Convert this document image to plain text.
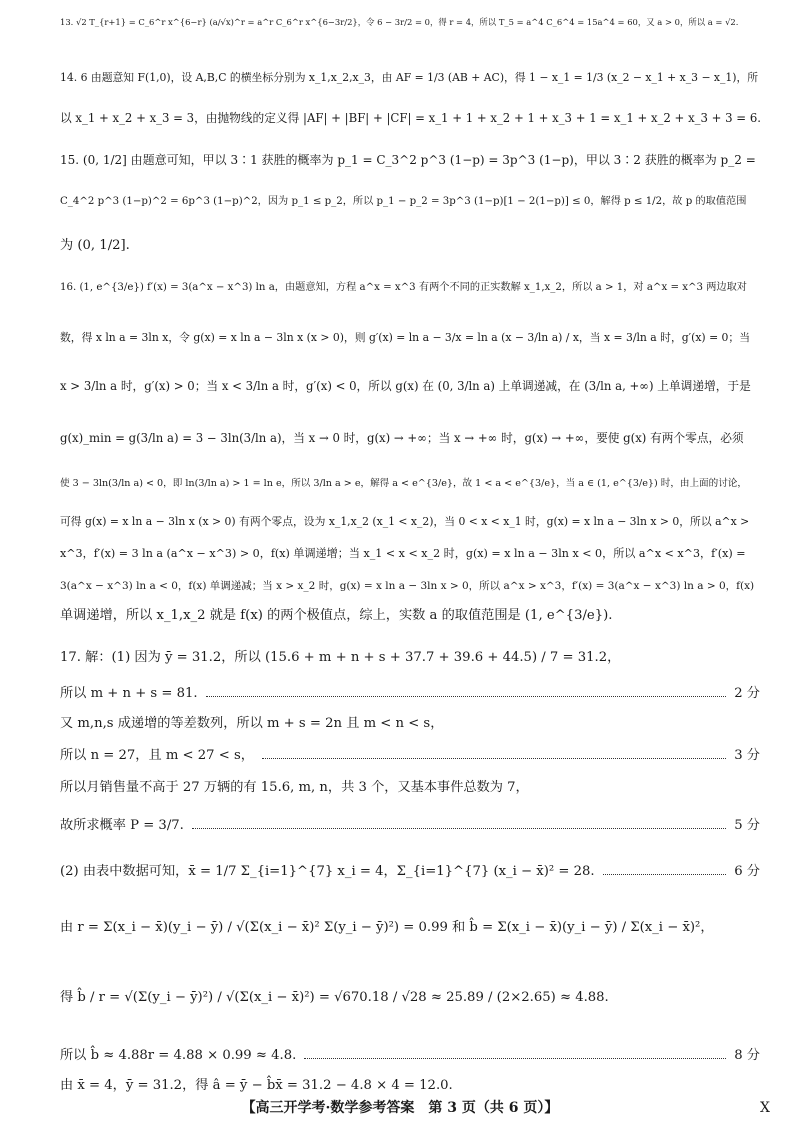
13. √2 T_{r+1} = C_6^r x^{6−r} (a/√x)^r = a^r C_6^r x^{6−3r/2}，令 6 − 3r/2 = 0，得 r = 4，所以 T_5 = a^4 C_6^4 = 15a^4 = 60，又 a > 0，所以 a = √2.
14. 6 由题意知 F(1,0)，设 A,B,C 的横坐标分别为 x_1,x_2,x_3，由 AF = 1/3 (AB + AC)，得 1 − x_1 = 1/3 (x_2 − x_1 + x_3 − x_1)，所
以 x_1 + x_2 + x_3 = 3，由抛物线的定义得 |AF| + |BF| + |CF| = x_1 + 1 + x_2 + 1 + x_3 + 1 = x_1 + x_2 + x_3 + 3 = 6.
15. (0, 1/2] 由题意可知，甲以 3∶1 获胜的概率为 p_1 = C_3^2 p^3 (1−p) = 3p^3 (1−p)，甲以 3∶2 获胜的概率为 p_2 =
C_4^2 p^3 (1−p)^2 = 6p^3 (1−p)^2，因为 p_1 ≤ p_2，所以 p_1 − p_2 = 3p^3 (1−p)[1 − 2(1−p)] ≤ 0，解得 p ≤ 1/2，故 p 的取值范围
为 (0, 1/2].
16. (1, e^{3/e}) f′(x) = 3(a^x − x^3) ln a，由题意知，方程 a^x = x^3 有两个不同的正实数解 x_1,x_2，所以 a > 1，对 a^x = x^3 两边取对
数，得 x ln a = 3ln x，令 g(x) = x ln a − 3ln x (x > 0)，则 g′(x) = ln a − 3/x = ln a (x − 3/ln a) / x，当 x = 3/ln a 时，g′(x) = 0；当
x > 3/ln a 时，g′(x) > 0；当 x < 3/ln a 时，g′(x) < 0，所以 g(x) 在 (0, 3/ln a) 上单调递减，在 (3/ln a, +∞) 上单调递增，于是
g(x)_min = g(3/ln a) = 3 − 3ln(3/ln a)，当 x → 0 时，g(x) → +∞；当 x → +∞ 时，g(x) → +∞，要使 g(x) 有两个零点，必须
使 3 − 3ln(3/ln a) < 0，即 ln(3/ln a) > 1 = ln e，所以 3/ln a > e，解得 a < e^{3/e}，故 1 < a < e^{3/e}，当 a ∈ (1, e^{3/e}) 时，由上面的讨论，
可得 g(x) = x ln a − 3ln x (x > 0) 有两个零点，设为 x_1,x_2 (x_1 < x_2)，当 0 < x < x_1 时，g(x) = x ln a − 3ln x > 0，所以 a^x >
x^3，f′(x) = 3 ln a (a^x − x^3) > 0，f(x) 单调递增；当 x_1 < x < x_2 时，g(x) = x ln a − 3ln x < 0，所以 a^x < x^3，f′(x) =
3(a^x − x^3) ln a < 0，f(x) 单调递减；当 x > x_2 时，g(x) = x ln a − 3ln x > 0，所以 a^x > x^3，f′(x) = 3(a^x − x^3) ln a > 0，f(x)
单调递增，所以 x_1,x_2 就是 f(x) 的两个极值点，综上，实数 a 的取值范围是 (1, e^{3/e}).
17. 解：(1) 因为 ȳ = 31.2，所以 (15.6 + m + n + s + 37.7 + 39.6 + 44.5) / 7 = 31.2，
所以 m + n + s = 81.	2 分
又 m,n,s 成递增的等差数列，所以 m + s = 2n 且 m < n < s，
所以 n = 27，且 m < 27 < s，	3 分
所以月销售量不高于 27 万辆的有 15.6, m, n，共 3 个，又基本事件总数为 7，
故所求概率 P = 3/7.	5 分
(2) 由表中数据可知，x̄ = 1/7 Σ_{i=1}^{7} x_i = 4，Σ_{i=1}^{7} (x_i − x̄)² = 28.	6 分
由 r = Σ(x_i − x̄)(y_i − ȳ) / √(Σ(x_i − x̄)² Σ(y_i − ȳ)²) = 0.99 和 b̂ = Σ(x_i − x̄)(y_i − ȳ) / Σ(x_i − x̄)²，
得 b̂ / r = √(Σ(y_i − ȳ)²) / √(Σ(x_i − x̄)²) = √670.18 / √28 ≈ 25.89 / (2×2.65) ≈ 4.88.
所以 b̂ ≈ 4.88r = 4.88 × 0.99 ≈ 4.8.	8 分
由 x̄ = 4，ȳ = 31.2，得 â = ȳ − b̂x̄ = 31.2 − 4.8 × 4 = 12.0.
【高三开学考·数学参考答案　第 3 页（共 6 页）】	X
